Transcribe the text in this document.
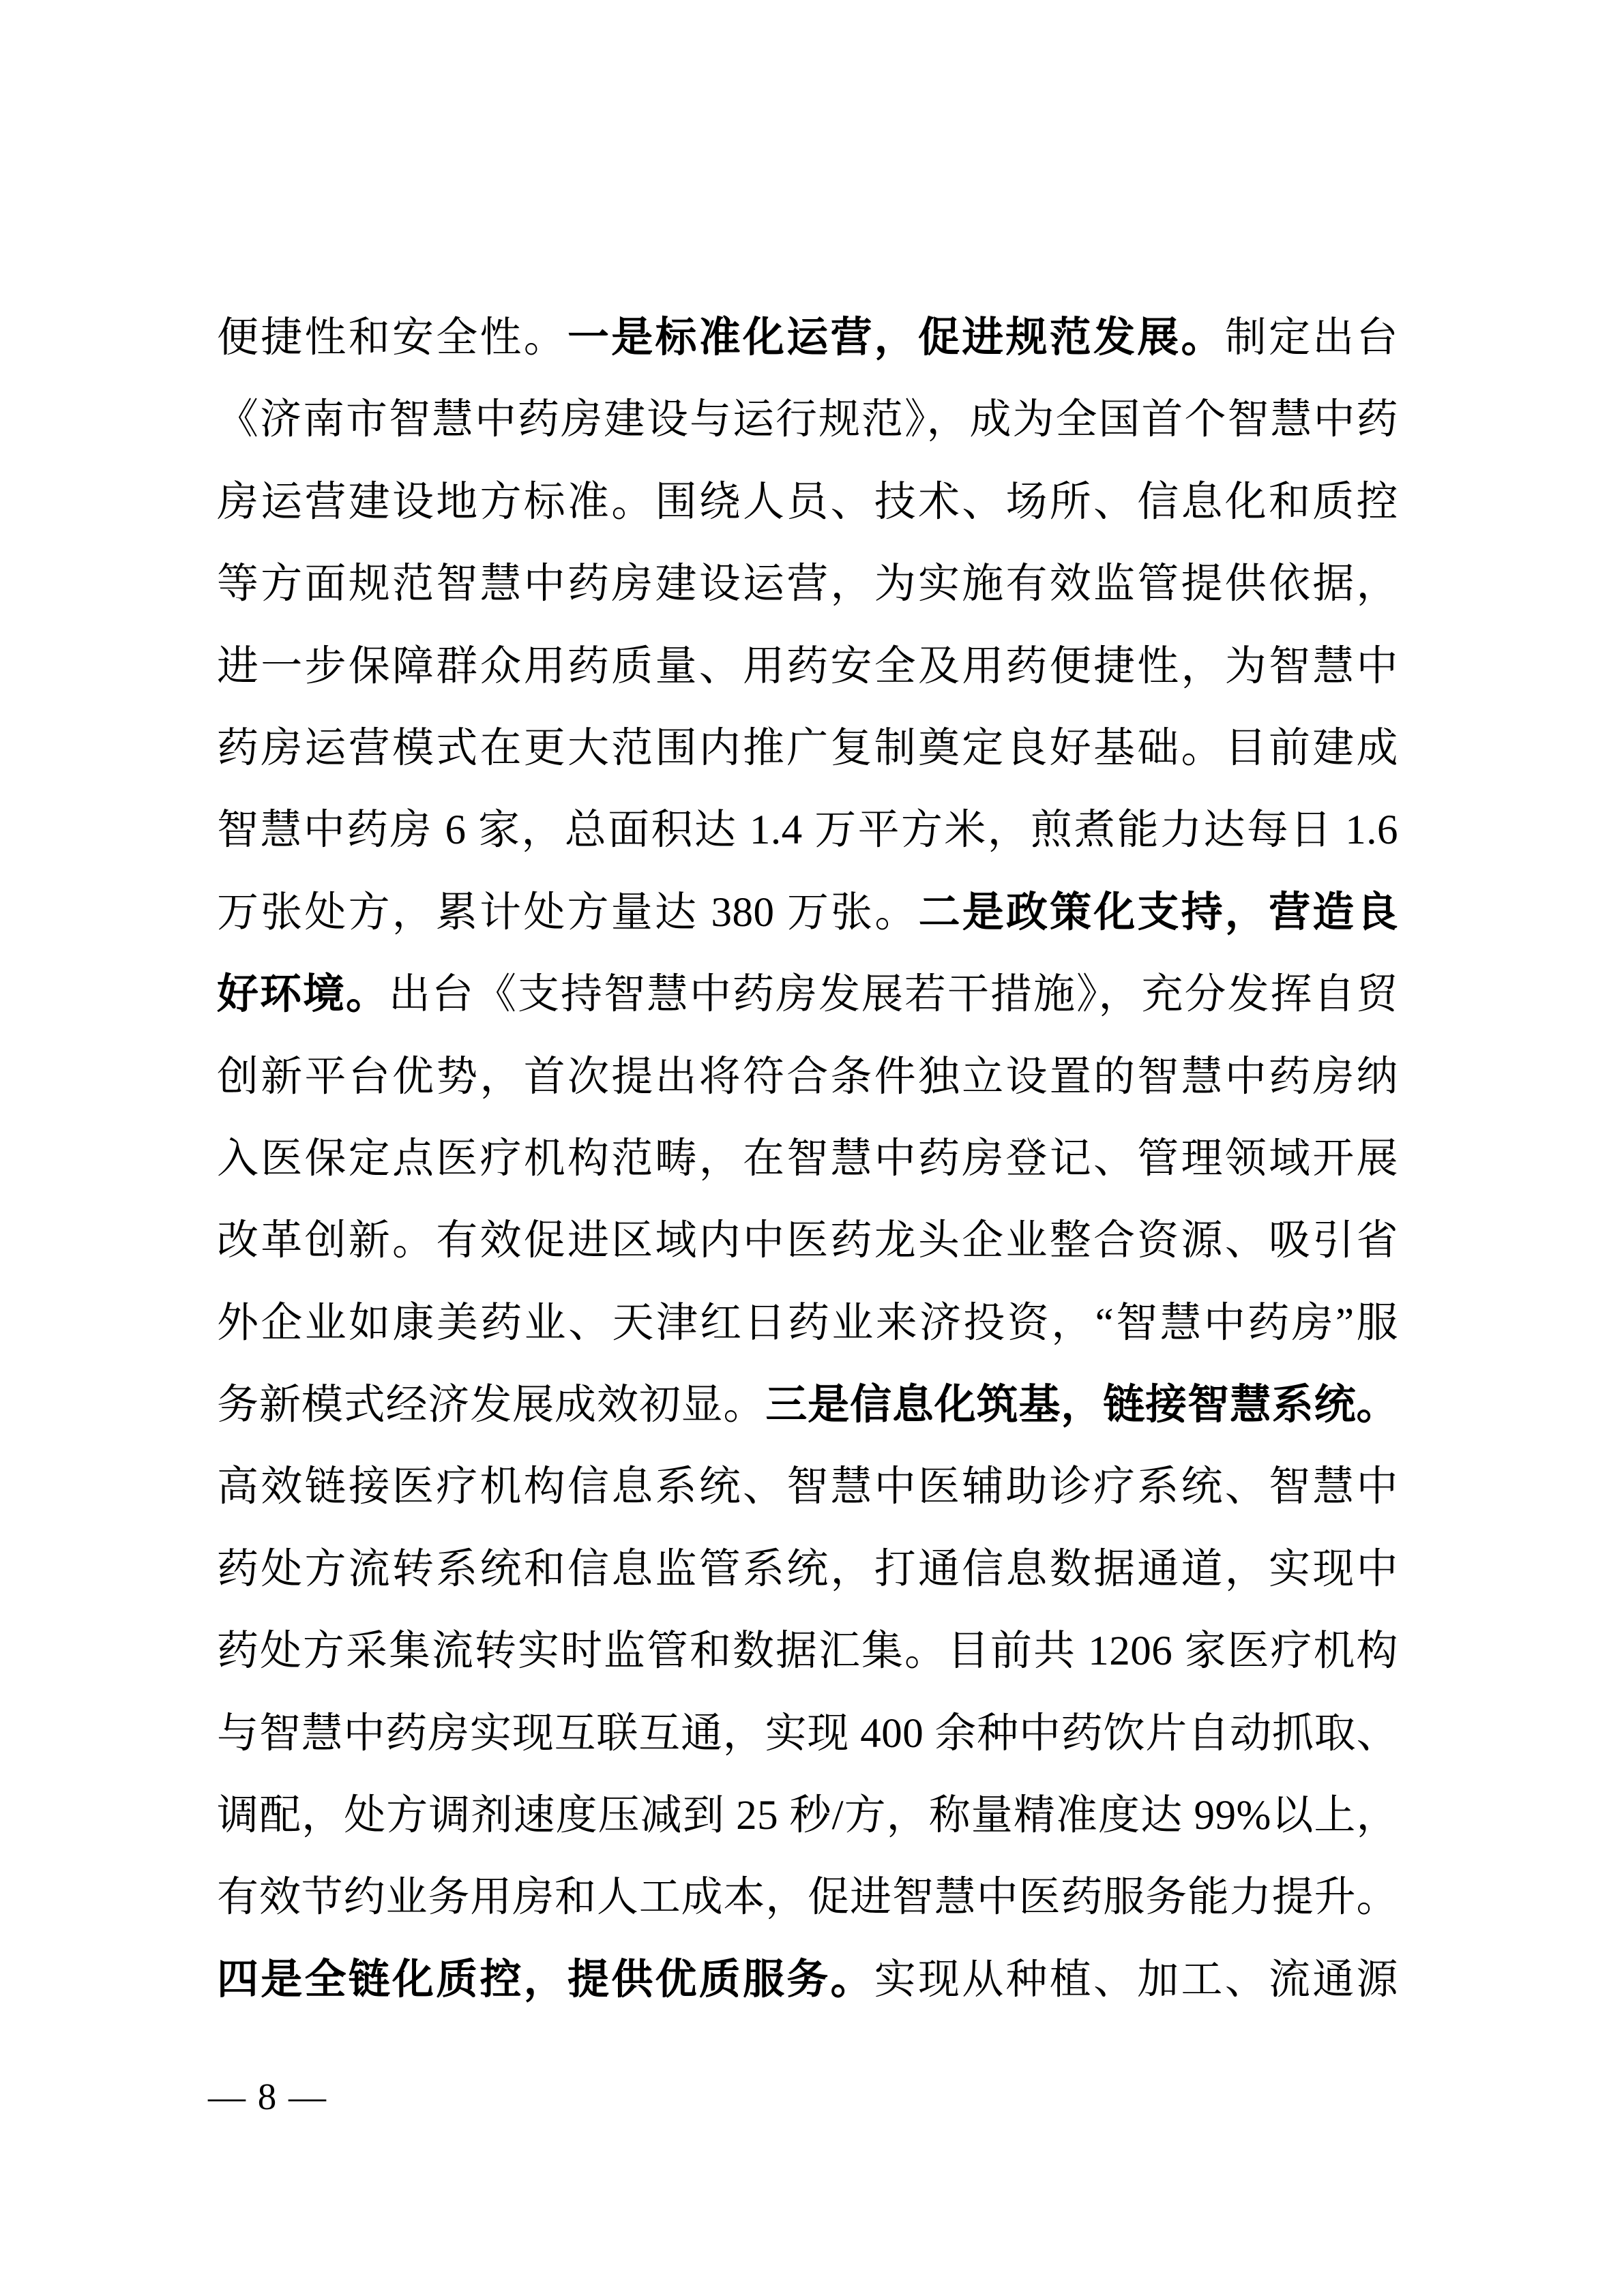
便捷性和安全性。一是标准化运营，促进规范发展。制定出台
《济南市智慧中药房建设与运行规范》，成为全国首个智慧中药
房运营建设地方标准。围绕人员、技术、场所、信息化和质控
等方面规范智慧中药房建设运营，为实施有效监管提供依据，
进一步保障群众用药质量、用药安全及用药便捷性，为智慧中
药房运营模式在更大范围内推广复制奠定良好基础。目前建成
智慧中药房 6 家，总面积达 1.4 万平方米，煎煮能力达每日 1.6
万张处方，累计处方量达 380 万张。二是政策化支持，营造良
好环境。出台《支持智慧中药房发展若干措施》，充分发挥自贸
创新平台优势，首次提出将符合条件独立设置的智慧中药房纳
入医保定点医疗机构范畴，在智慧中药房登记、管理领域开展
改革创新。有效促进区域内中医药龙头企业整合资源、吸引省
外企业如康美药业、天津红日药业来济投资，“智慧中药房”服
务新模式经济发展成效初显。三是信息化筑基，链接智慧系统。
高效链接医疗机构信息系统、智慧中医辅助诊疗系统、智慧中
药处方流转系统和信息监管系统，打通信息数据通道，实现中
药处方采集流转实时监管和数据汇集。目前共 1206 家医疗机构
与智慧中药房实现互联互通，实现 400 余种中药饮片自动抓取、
调配，处方调剂速度压减到 25 秒/方，称量精准度达 99%以上，
有效节约业务用房和人工成本，促进智慧中医药服务能力提升。
四是全链化质控，提供优质服务。实现从种植、加工、流通源
— 8 —
